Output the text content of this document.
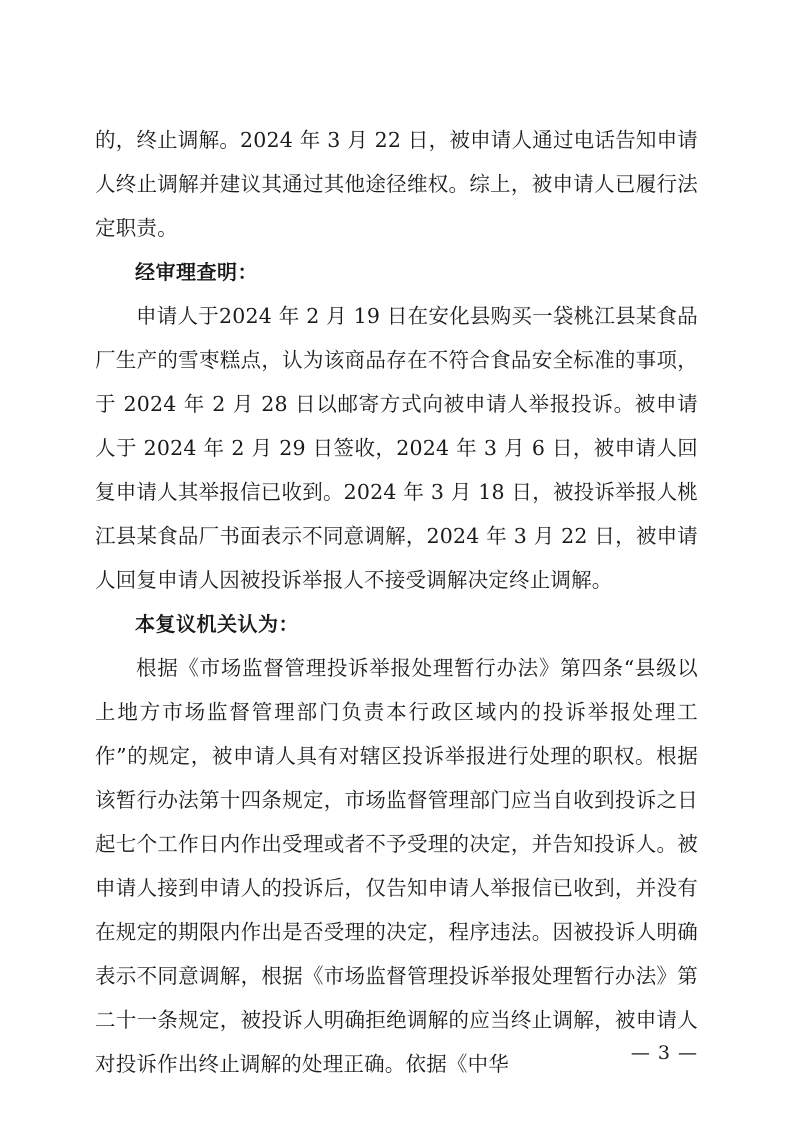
的，终止调解。2024 年 3 月 22 日，被申请人通过电话告知申请人终止调解并建议其通过其他途径维权。综上，被申请人已履行法定职责。

经审理查明：

申请人于2024 年 2 月 19 日在安化县购买一袋桃江县某食品厂生产的雪枣糕点，认为该商品存在不符合食品安全标准的事项，于 2024 年 2 月 28 日以邮寄方式向被申请人举报投诉。被申请人于 2024 年 2 月 29 日签收，2024 年 3 月 6 日，被申请人回复申请人其举报信已收到。2024 年 3 月 18 日，被投诉举报人桃江县某食品厂书面表示不同意调解，2024 年 3 月 22 日，被申请人回复申请人因被投诉举报人不接受调解决定终止调解。

本复议机关认为：

根据《市场监督管理投诉举报处理暂行办法》第四条“县级以上地方市场监督管理部门负责本行政区域内的投诉举报处理工作”的规定，被申请人具有对辖区投诉举报进行处理的职权。根据该暂行办法第十四条规定，市场监督管理部门应当自收到投诉之日起七个工作日内作出受理或者不予受理的决定，并告知投诉人。被申请人接到申请人的投诉后，仅告知申请人举报信已收到，并没有在规定的期限内作出是否受理的决定，程序违法。因被投诉人明确表示不同意调解，根据《市场监督管理投诉举报处理暂行办法》第二十一条规定，被投诉人明确拒绝调解的应当终止调解，被申请人对投诉作出终止调解的处理正确。依据《中华	— 3 —
